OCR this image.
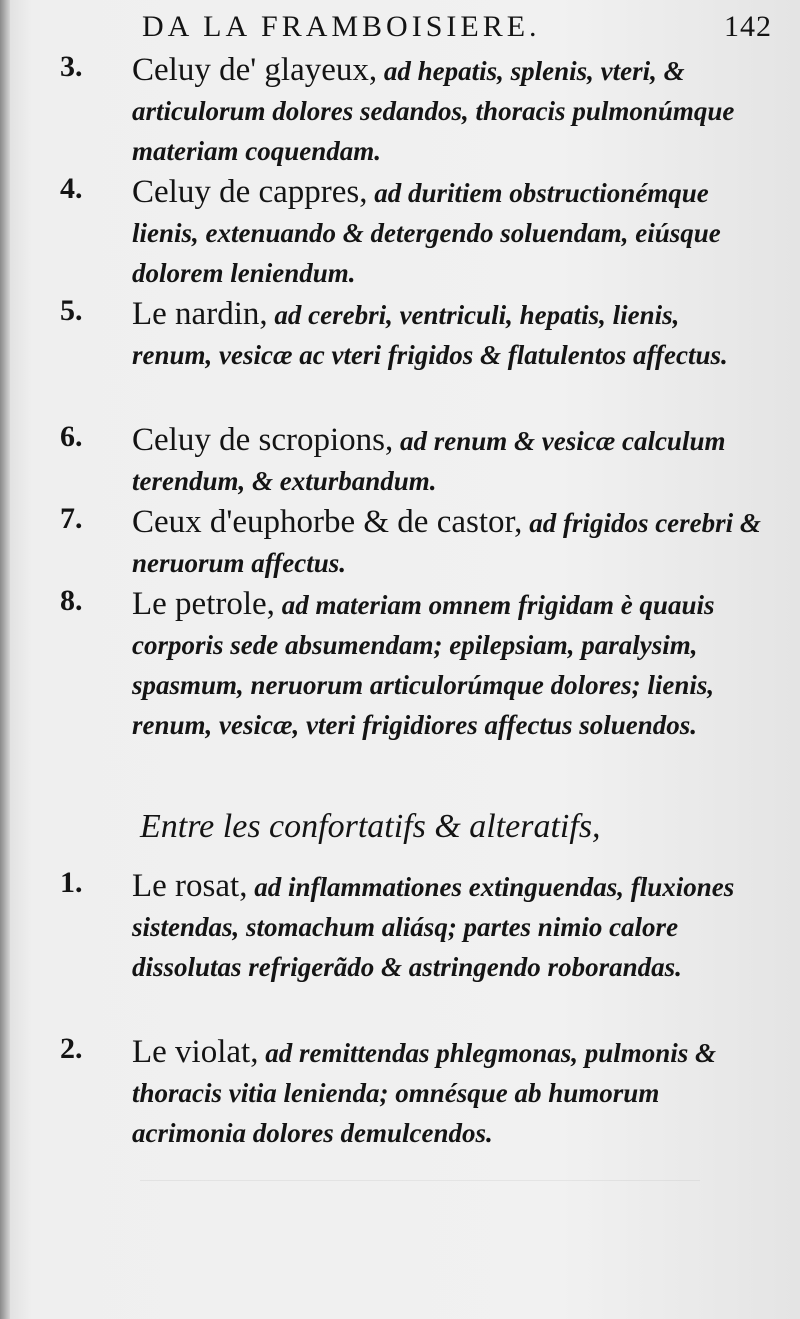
DA LA FRAMBOISIERE.	142
3.	Celuy de' glayeux, ad hepatis, splenis, vteri, & articulorum dolores sedandos, thoracis pulmonúmque materiam coquendam.
4.	Celuy de cappres, ad duritiem obstructionémque lienis, extenuando & detergendo soluendam, eiúsque dolorem leniendum.
5.	Le nardin, ad cerebri, ventriculi, hepatis, lienis, renum, vesicæ ac vteri frigidos & flatulentos affectus.
6.	Celuy de scropions, ad renum & vesicæ calculum terendum, & exturbandum.
7.	Ceux d'euphorbe & de castor, ad frigidos cerebri & neruorum affectus.
8.	Le petrole, ad materiam omnem frigidam è quauis corporis sede absumendam; epilepsiam, paralysim, spasmum, neruorum articulorúmque dolores; lienis, renum, vesicæ, vteri frigidiores affectus soluendos.
Entre les confortatifs & alteratifs,
1.	Le rosat, ad inflammationes extinguendas, fluxiones sistendas, stomachum aliásq; partes nimio calore dissolutas refrigerãdo & astringendo roborandas.
2.	Le violat, ad remittendas phlegmonas, pulmonis & thoracis vitia lenienda; omnésque ab humorum acrimonia dolores demulcendos.
